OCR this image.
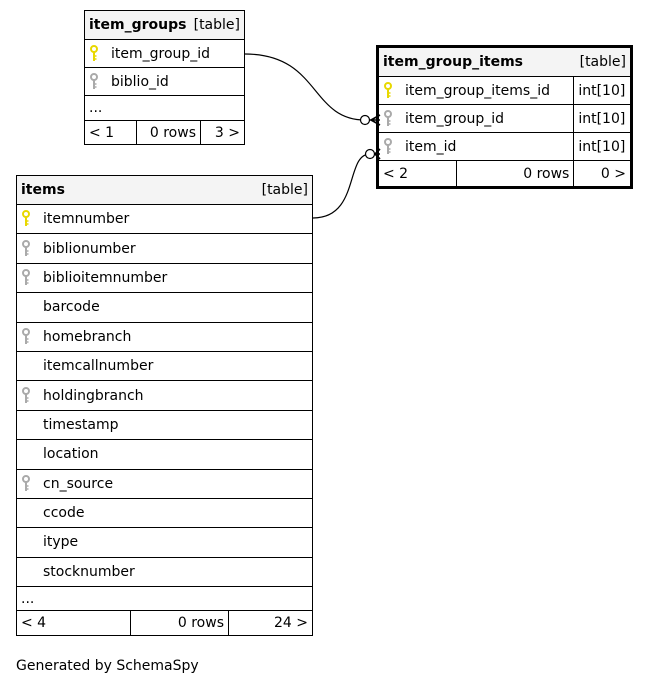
item_groups [table]

item_group_id

biblio_id
...
< 1	0 rows	3 >
item_group_items [table]		

item_group_items_id		int[10]

item_group_id		int[10]

item_id		int[10]
< 2	0 rows	0 >
items	[table]

itemnumber

biblionumber

biblioitemnumber
barcode

homebranch
itemcallnumber

holdingbranch
timestamp
location

cn_source
ccode
itype
stocknumber
...
< 4	0 rows	24 >
Generated by SchemaSpy
